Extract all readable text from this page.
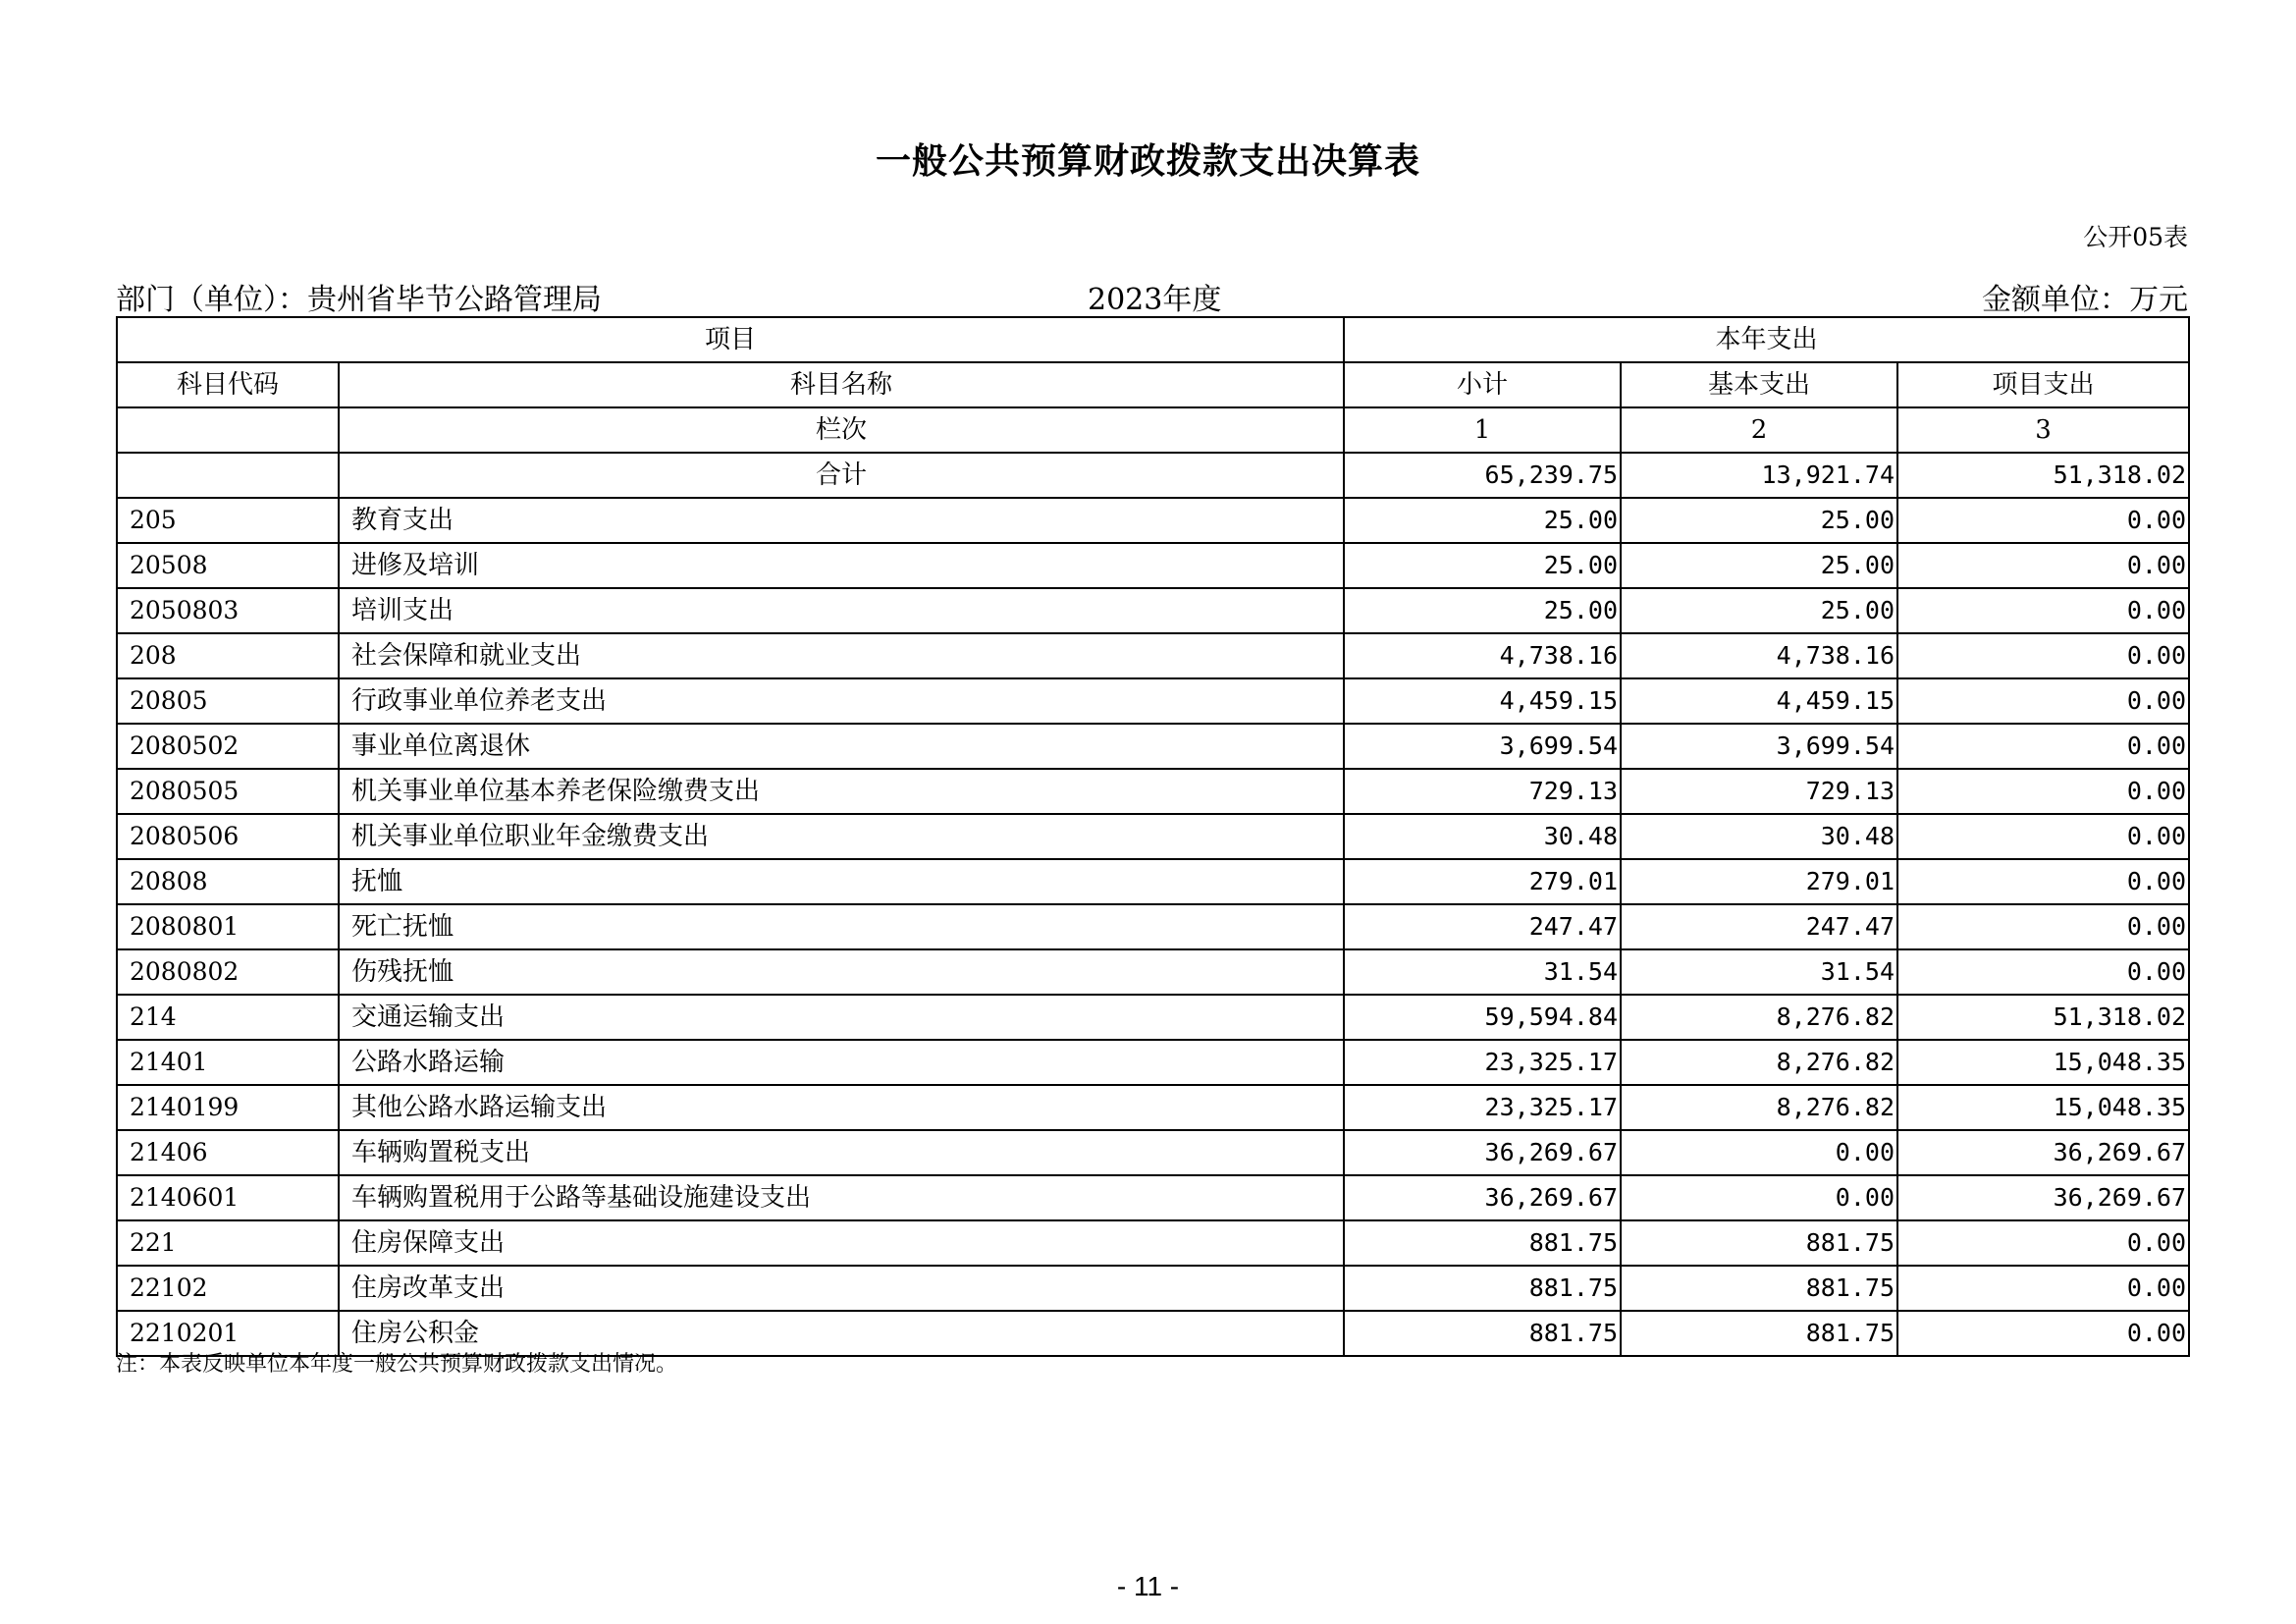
一般公共预算财政拨款支出决算表
公开05表
部门（单位）：贵州省毕节公路管理局	2023年度	金额单位：万元
项目		本年支出		
科目代码	科目名称	小计	基本支出	项目支出
	栏次	1	2	3
	合计	65,239.75	13,921.74	51,318.02
205	教育支出	25.00	25.00	0.00
20508	进修及培训	25.00	25.00	0.00
2050803	培训支出	25.00	25.00	0.00
208	社会保障和就业支出	4,738.16	4,738.16	0.00
20805	行政事业单位养老支出	4,459.15	4,459.15	0.00
2080502	事业单位离退休	3,699.54	3,699.54	0.00
2080505	机关事业单位基本养老保险缴费支出	729.13	729.13	0.00
2080506	机关事业单位职业年金缴费支出	30.48	30.48	0.00
20808	抚恤	279.01	279.01	0.00
2080801	死亡抚恤	247.47	247.47	0.00
2080802	伤残抚恤	31.54	31.54	0.00
214	交通运输支出	59,594.84	8,276.82	51,318.02
21401	公路水路运输	23,325.17	8,276.82	15,048.35
2140199	其他公路水路运输支出	23,325.17	8,276.82	15,048.35
21406	车辆购置税支出	36,269.67	0.00	36,269.67
2140601	车辆购置税用于公路等基础设施建设支出	36,269.67	0.00	36,269.67
221	住房保障支出	881.75	881.75	0.00
22102	住房改革支出	881.75	881.75	0.00
2210201	住房公积金	881.75	881.75	0.00
注：本表反映单位本年度一般公共预算财政拨款支出情况。
- 11 -
